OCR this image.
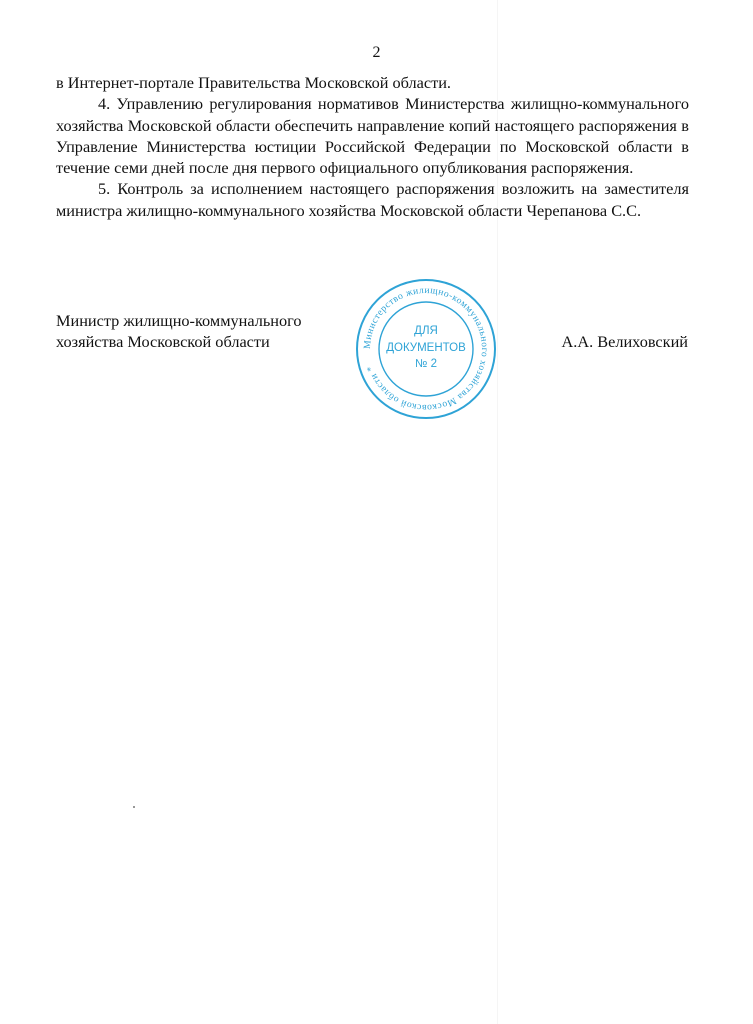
2

в Интернет-портале Правительства Московской области.

4. Управлению регулирования нормативов Министерства жилищно-коммунального хозяйства Московской области обеспечить направление копий настоящего распоряжения в Управление Министерства юстиции Российской Федерации по Московской области в течение семи дней после дня первого официального опубликования распоряжения.

5. Контроль за исполнением настоящего распоряжения возложить на заместителя министра жилищно-коммунального хозяйства Московской области Черепанова С.С.

Министр жилищно-коммунального
хозяйства Московской области	Министерство жилищно-коммунального хозяйства Московской области *
ДЛЯ
ДОКУМЕНТОВ
№ 2
А.А. Велиховский
